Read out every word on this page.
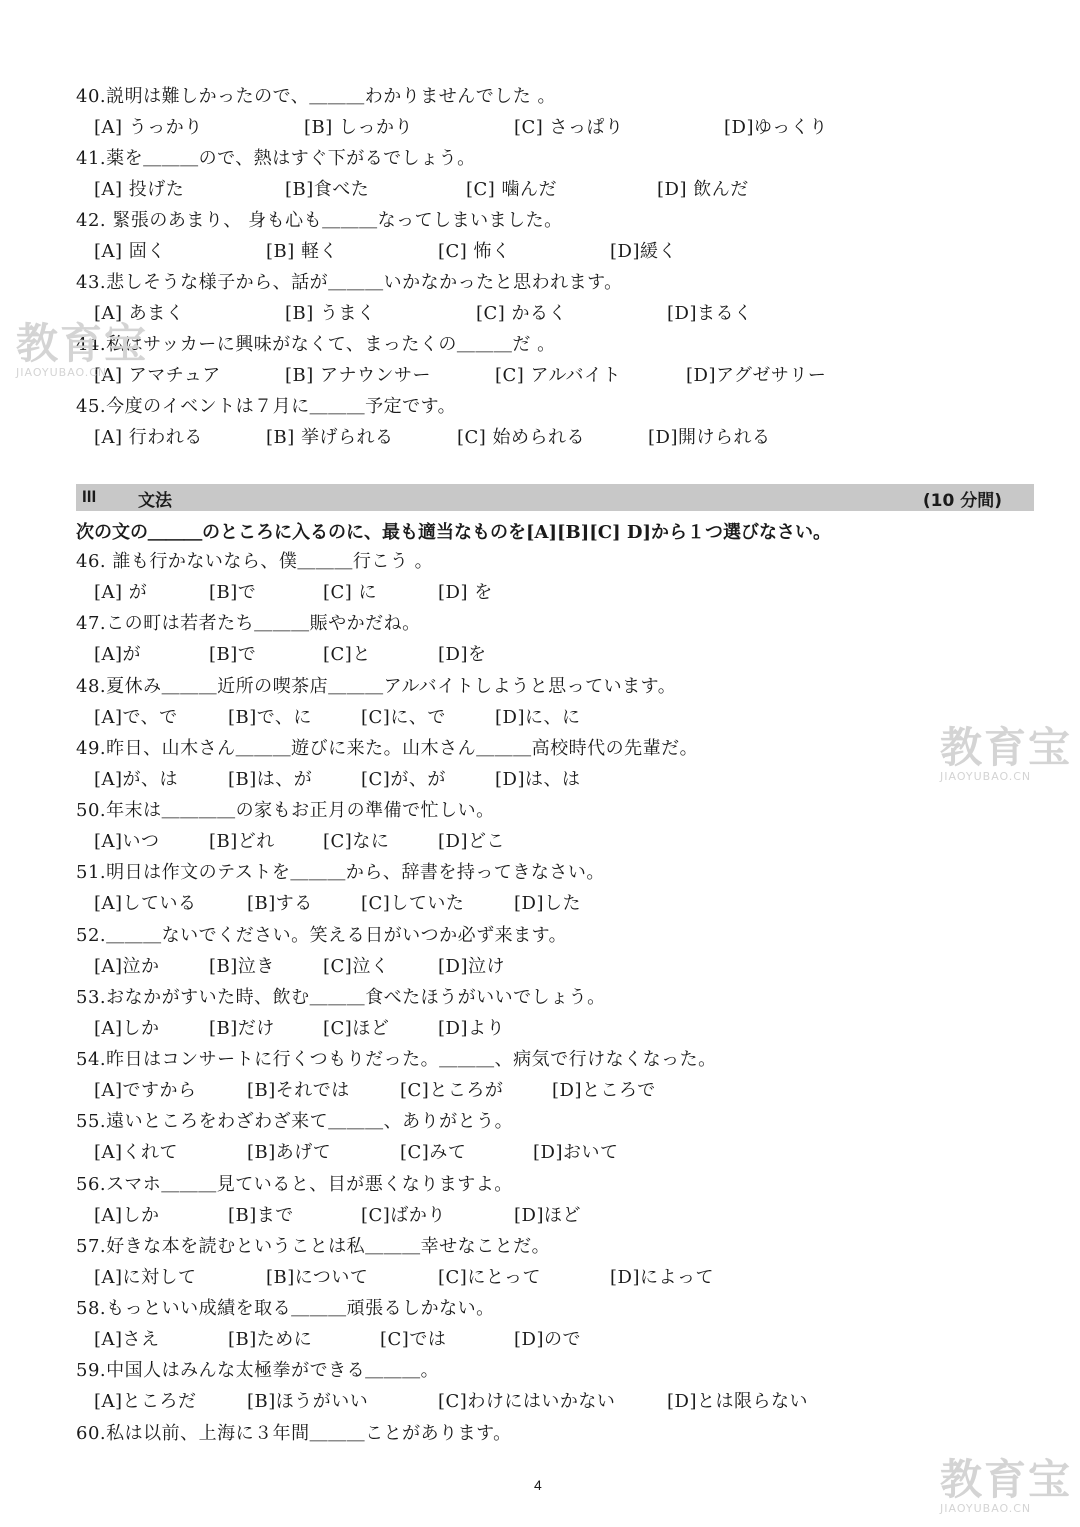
40.説明は難しかったので、＿＿＿わかりませんでした 。
[A] うっかり	[B] しっかり	[C] さっぱり	[D]ゆっくり
41.薬を＿＿＿ので、熱はすぐ下がるでしょう。
[A] 投げた	[B]食べた	[C] 噛んだ	[D] 飲んだ
42. 緊張のあまり、 身も心も＿＿＿なってしまいました。
[A] 固く	[B] 軽く	[C] 怖く	[D]緩く
43.悲しそうな様子から、話が＿＿＿いかなかったと思われます。
[A] あまく	[B] うまく	[C] かるく	[D]まるく
44.私はサッカーに興味がなくて、まったくの＿＿＿だ 。
[A] アマチュア	[B] アナウンサー	[C] アルバイト	[D]アグゼサリー
45.今度のイベントは７月に＿＿＿予定です。
[A] 行われる	[B] 挙げられる	[C] 始められる	[D]開けられる
III 文法	(10 分間)
次の文の＿＿＿のところに入るのに、最も適当なものを[A][B][C] D]から１つ選びなさい。
46. 誰も行かないなら、僕＿＿＿行こう 。
[A] が	[B]で	[C] に	[D] を
47.この町は若者たち＿＿＿賑やかだね。
[A]が	[B]で	[C]と	[D]を
48.夏休み＿＿＿近所の喫茶店＿＿＿アルバイトしようと思っています。
[A]で、で	[B]で、に	[C]に、で	[D]に、に
49.昨日、山木さん＿＿＿遊びに来た。山木さん＿＿＿高校時代の先輩だ。
[A]が、は	[B]は、が	[C]が、が	[D]は、は
50.年末は＿＿＿＿の家もお正月の準備で忙しい。
[A]いつ	[B]どれ	[C]なに	[D]どこ
51.明日は作文のテストを＿＿＿から、辞書を持ってきなさい。
[A]している	[B]する	[C]していた	[D]した
52.＿＿＿ないでください。笑える日がいつか必ず来ます。
[A]泣か	[B]泣き	[C]泣く	[D]泣け
53.おなかがすいた時、飲む＿＿＿食べたほうがいいでしょう。
[A]しか	[B]だけ	[C]ほど	[D]より
54.昨日はコンサートに行くつもりだった。＿＿＿、病気で行けなくなった。
[A]ですから	[B]それでは	[C]ところが	[D]ところで
55.遠いところをわざわざ来て＿＿＿、ありがとう。
[A]くれて	[B]あげて	[C]みて	[D]おいて
56.スマホ＿＿＿見ていると、目が悪くなりますよ。
[A]しか	[B]まで	[C]ばかり	[D]ほど
57.好きな本を読むということは私＿＿＿幸せなことだ。
[A]に対して	[B]について	[C]にとって	[D]によって
58.もっといい成績を取る＿＿＿頑張るしかない。
[A]さえ	[B]ために	[C]では	[D]ので
59.中国人はみんな太極拳ができる＿＿＿。
[A]ところだ	[B]ほうがいい	[C]わけにはいかない	[D]とは限らない
60.私は以前、上海に３年間＿＿＿ことがあります。
4
教育宝
JIAOYUBAO.CN
教育宝
JIAOYUBAO.CN
教育宝
JIAOYUBAO.CN
